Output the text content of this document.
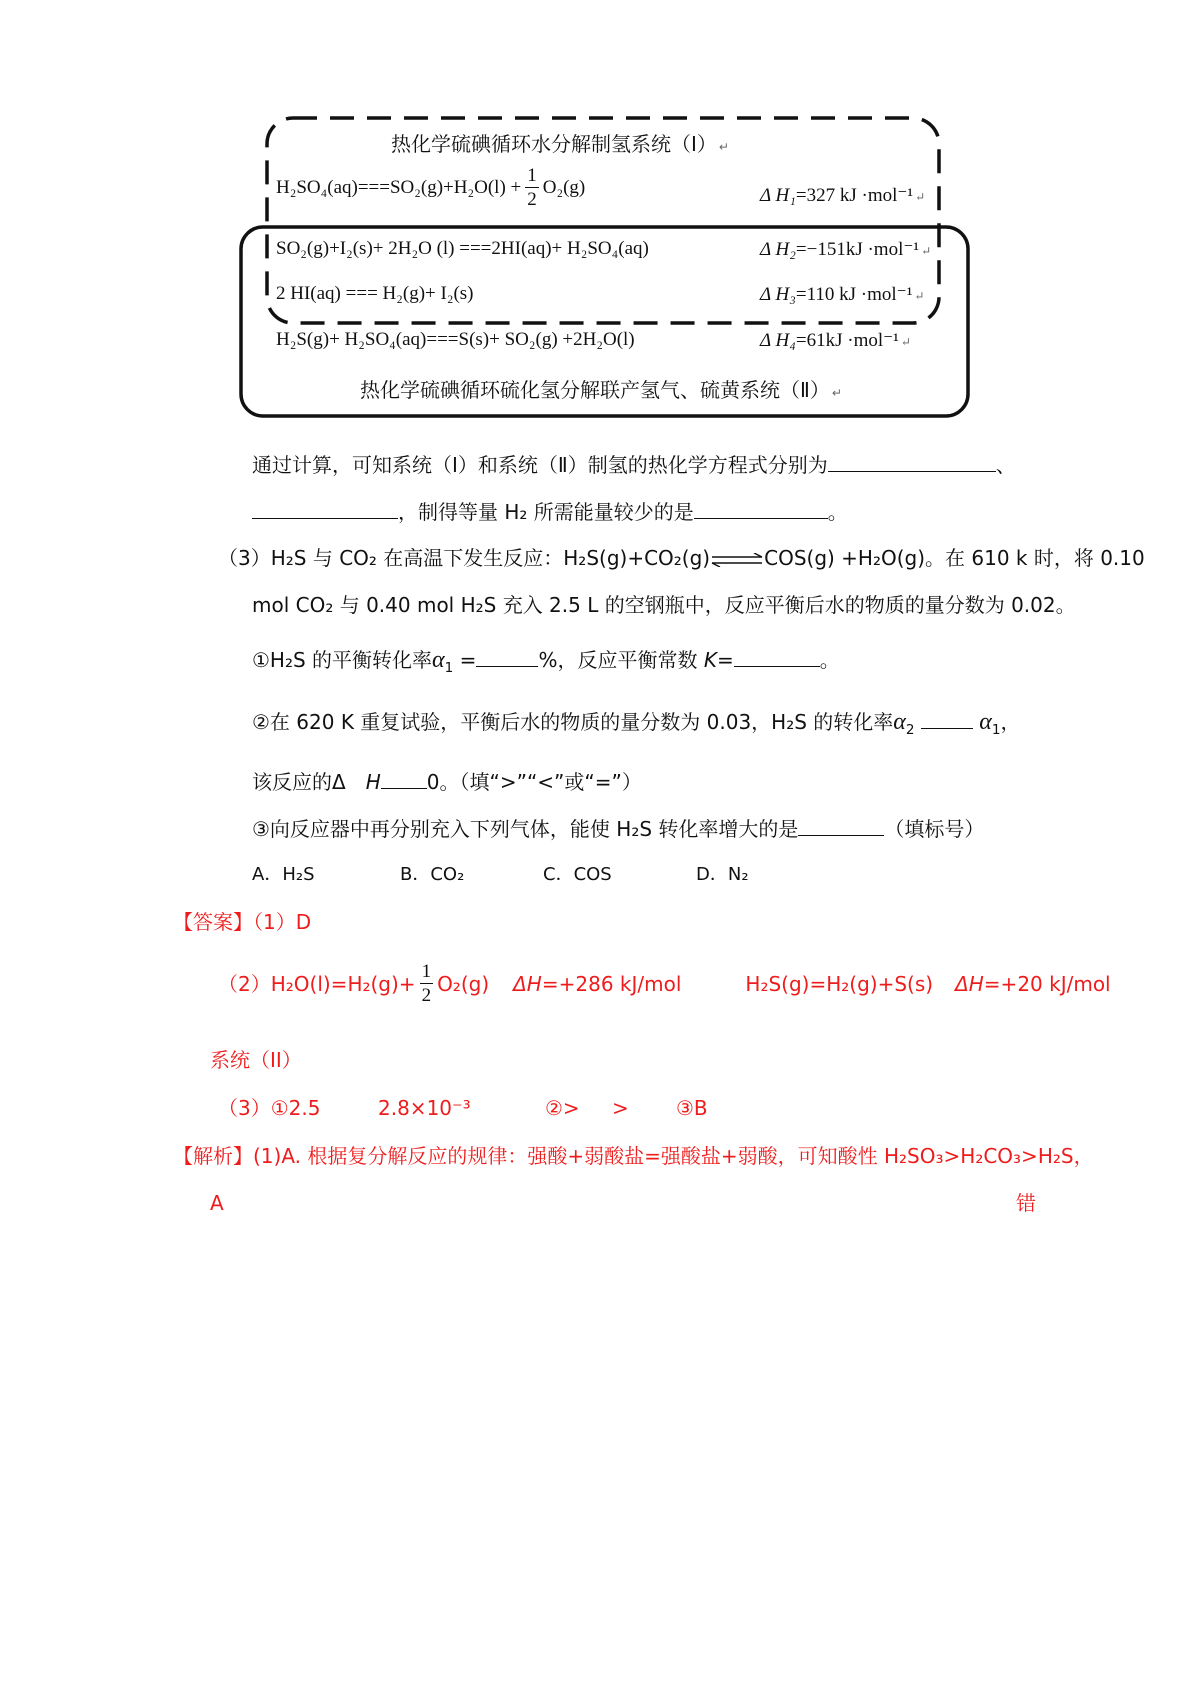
热化学硫碘循环水分解制氢系统（Ⅰ） ↵
$H_2SO_4(aq)===SO_2(g)+H_2O(l) + \frac{1}{2} O_2(g)$	Δ H₁=327 kJ ·mol⁻¹ ↵
SO₂(g)+I₂(s)+ 2H₂O (l) ===2HI(aq)+ H₂SO₄(aq)	Δ H₂=−151kJ ·mol⁻¹ ↵
2 HI(aq) === H₂(g)+ I₂(s)	Δ H₃=110 kJ ·mol⁻¹ ↵
H₂S(g)+ H₂SO₄(aq)===S(s)+ SO₂(g) +2H₂O(l)	Δ H₄=61kJ ·mol⁻¹ ↵
热化学硫碘循环硫化氢分解联产氢气、硫黄系统（Ⅱ） ↵
通过计算，可知系统（Ⅰ）和系统（Ⅱ）制氢的热化学方程式分别为	、
，制得等量 H₂ 所需能量较少的是	。
（3）H₂S 与 CO₂ 在高温下发生反应：H₂S(g)+CO₂(g)⇌COS(g) +H₂O(g)。在 610 k 时，将 0.10
mol CO₂ 与 0.40 mol H₂S 充入 2.5 L 的空钢瓶中，反应平衡后水的物质的量分数为 0.02。
①H₂S 的平衡转化率$\alpha_1$ =	%，反应平衡常数 K=	。
②在 620 K 重复试验，平衡后水的物质的量分数为 0.03，H₂S 的转化率$\alpha_2$	$\alpha_1$，
该反应的Δ H 0。（填“>”“<”或“=”）
③向反应器中再分别充入下列气体，能使 H₂S 转化率增大的是	（填标号）
A．H₂S	B．CO₂	C．COS	D．N₂
【答案】（1）D
$(2)H_2O(l)=H_2(g)+ \frac{1}{2} O_2(g)$ ΔH=+286 kJ/mol	H₂S(g)=H₂(g)+S(s) ΔH=+20 kJ/mol
系统（II）
（3）①2.5	2.8×10⁻³	②> > ③B
【解析】(1)A. 根据复分解反应的规律：强酸+弱酸盐=强酸盐+弱酸，可知酸性 H₂SO₃>H₂CO₃>H₂S，
A	错
